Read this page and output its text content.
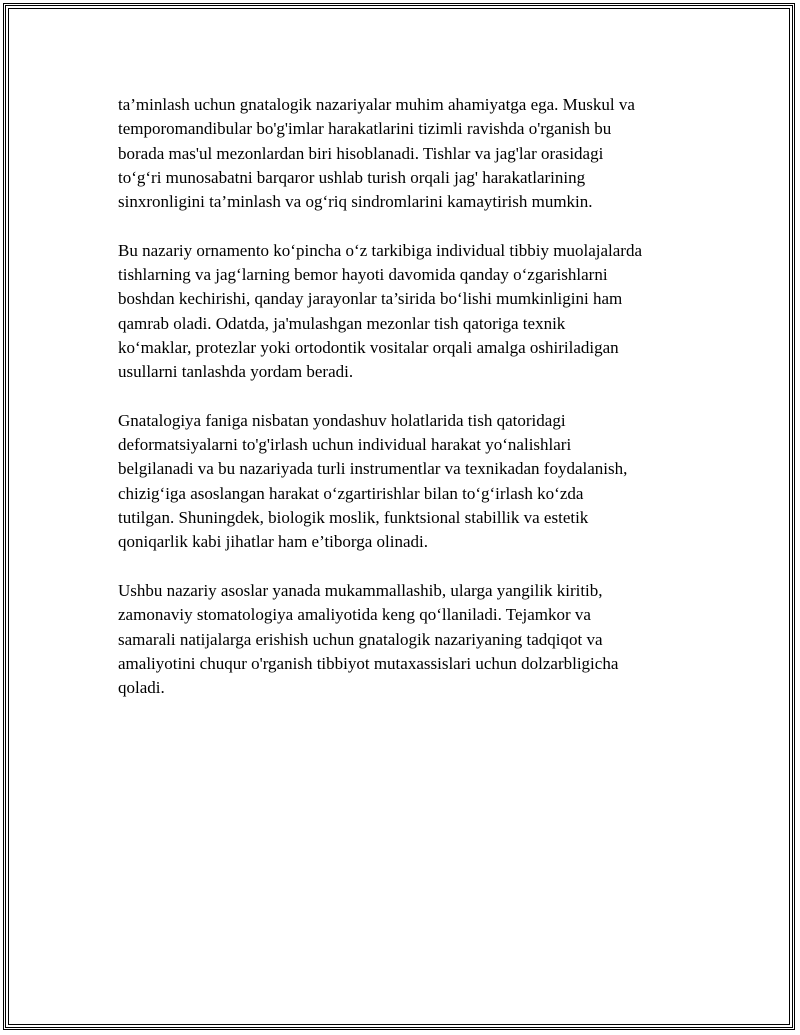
ta’minlash uchun gnatalogik nazariyalar muhim ahamiyatga ega. Muskul va
temporomandibular bo'g'imlar harakatlarini tizimli ravishda o'rganish bu
borada mas'ul mezonlardan biri hisoblanadi. Tishlar va jag'lar orasidagi
to‘g‘ri munosabatni barqaror ushlab turish orqali jag' harakatlarining
sinxronligini ta’minlash va og‘riq sindromlarini kamaytirish mumkin.

Bu nazariy ornamento ko‘pincha o‘z tarkibiga individual tibbiy muolajalarda
tishlarning va jag‘larning bemor hayoti davomida qanday o‘zgarishlarni
boshdan kechirishi, qanday jarayonlar ta’sirida bo‘lishi mumkinligini ham
qamrab oladi. Odatda, ja'mulashgan mezonlar tish qatoriga texnik
ko‘maklar, protezlar yoki ortodontik vositalar orqali amalga oshiriladigan
usullarni tanlashda yordam beradi.

Gnatalogiya faniga nisbatan yondashuv holatlarida tish qatoridagi
deformatsiyalarni to'g'irlash uchun individual harakat yo‘nalishlari
belgilanadi va bu nazariyada turli instrumentlar va texnikadan foydalanish,
chizig‘iga asoslangan harakat o‘zgartirishlar bilan to‘g‘irlash ko‘zda
tutilgan. Shuningdek, biologik moslik, funktsional stabillik va estetik
qoniqarlik kabi jihatlar ham e’tiborga olinadi.

Ushbu nazariy asoslar yanada mukammallashib, ularga yangilik kiritib,
zamonaviy stomatologiya amaliyotida keng qo‘llaniladi. Tejamkor va
samarali natijalarga erishish uchun gnatalogik nazariyaning tadqiqot va
amaliyotini chuqur o'rganish tibbiyot mutaxassislari uchun dolzarbligicha
qoladi.
